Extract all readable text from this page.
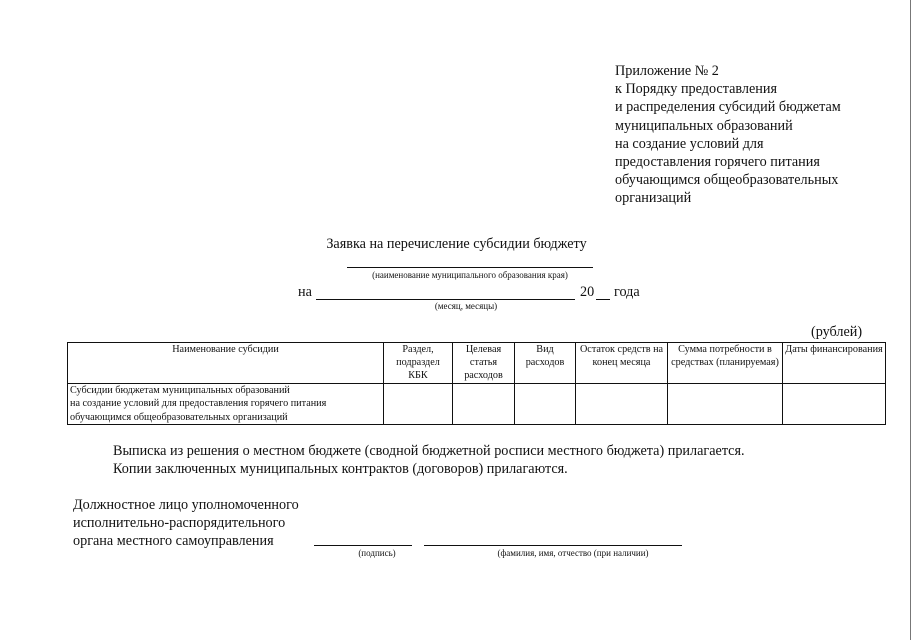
Приложение № 2
к Порядку предоставления
и распределения субсидий бюджетам
муниципальных образований
на создание условий для
предоставления горячего питания
обучающимся общеобразовательных
организаций
Заявка на перечисление субсидии бюджету
(наименование муниципального образования края)
на	20 года
(месяц, месяцы)
(рублей)
Наименование субсидии	Раздел, подраздел КБК	Целевая статья расходов	Вид расходов	Остаток средств на конец месяца	Сумма потребности в средствах (планируемая)	Даты финансирования

Субсидии бюджетам муниципальных образований
на создание условий для предоставления горячего питания
обучающимся общеобразовательных организаций						

Выписка из решения о местном бюджете (сводной бюджетной росписи местного бюджета) прилагается.
Копии заключенных муниципальных контрактов (договоров) прилагаются.
Должностное лицо уполномоченного
исполнительно-распорядительного
органа местного самоуправления
(подпись)	(фамилия, имя, отчество (при наличии)
